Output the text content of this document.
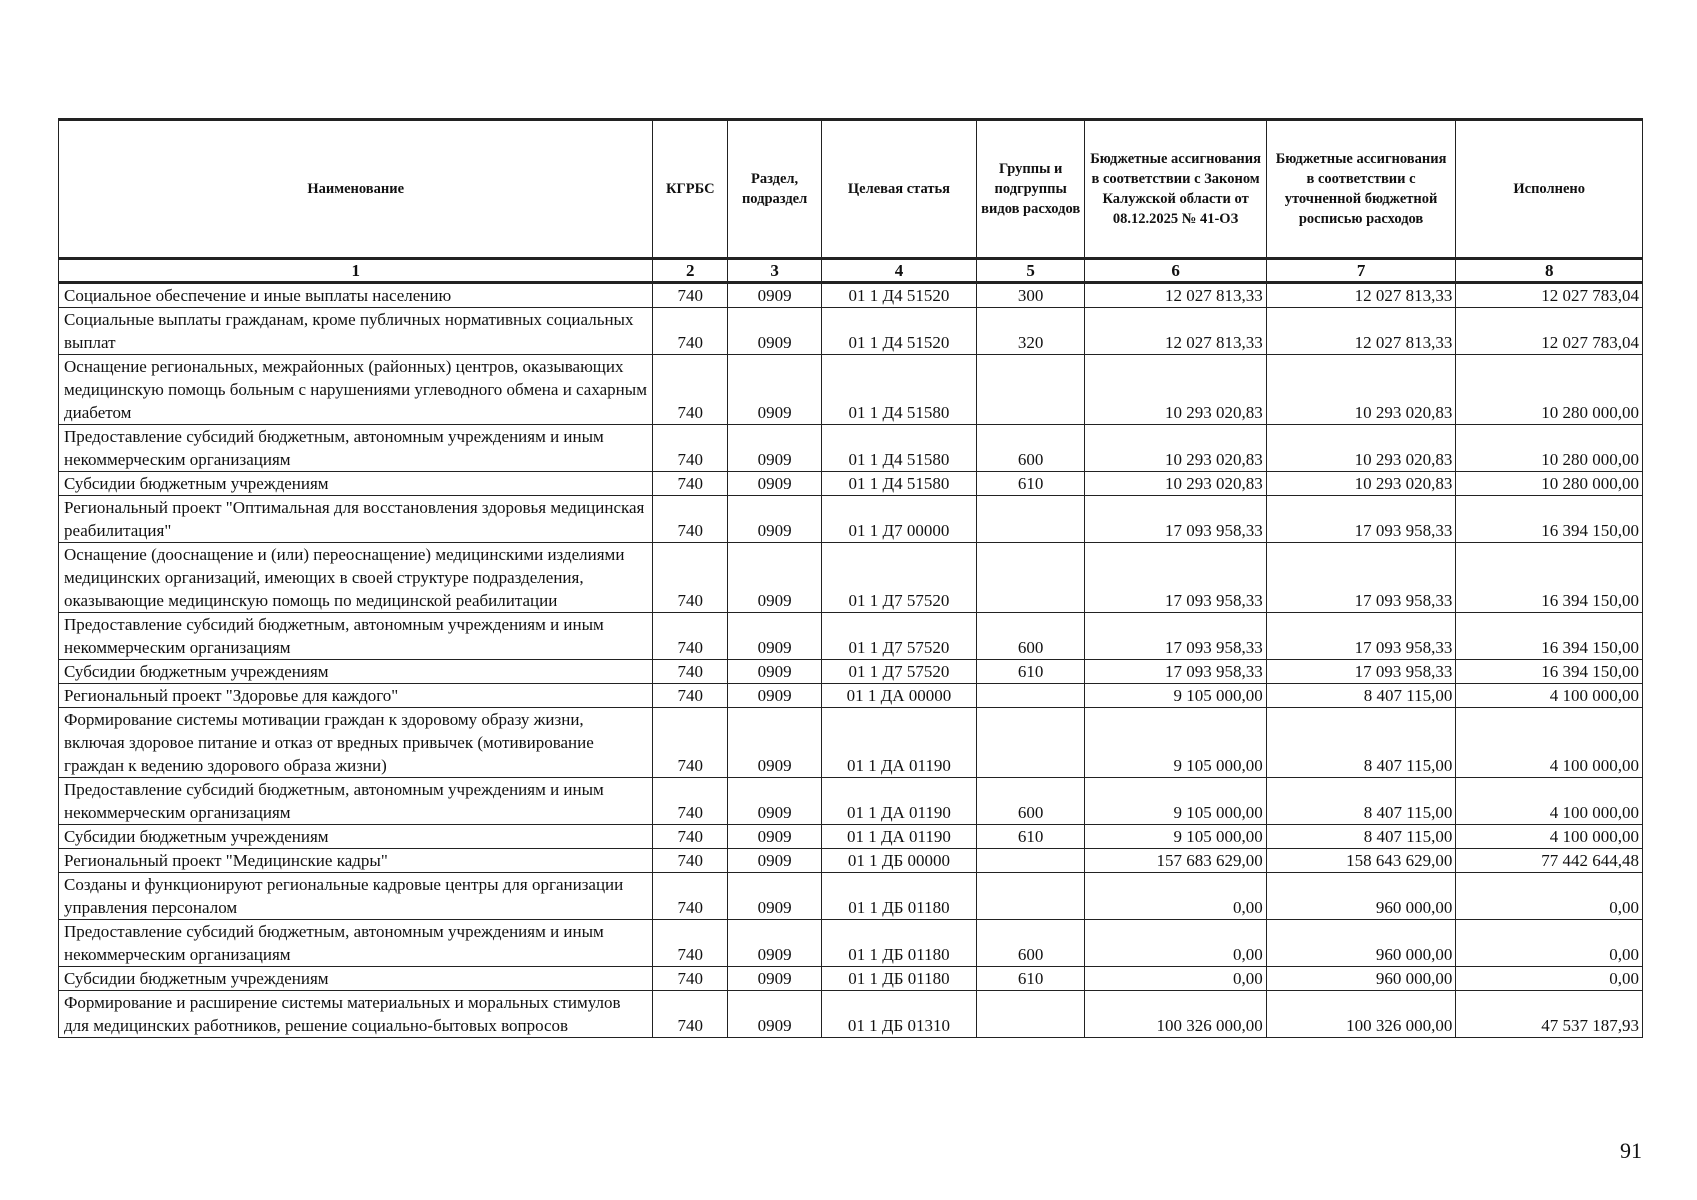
Наименование	КГРБС	Раздел, подраздел	Целевая статья	Группы и подгруппы видов расходов	Бюджетные ассигнования в соответствии с Законом Калужской области от 08.12.2025 № 41-ОЗ	Бюджетные ассигнования в соответствии с уточненной бюджетной росписью расходов	Исполнено
1	2	3	4	5	6	7	8
Социальное обеспечение и иные выплаты населению	740	0909	01 1 Д4 51520	300	12 027 813,33	12 027 813,33	12 027 783,04
Социальные выплаты гражданам, кроме публичных нормативных социальных выплат	740	0909	01 1 Д4 51520	320	12 027 813,33	12 027 813,33	12 027 783,04
Оснащение региональных, межрайонных (районных) центров, оказывающих медицинскую помощь больным с нарушениями углеводного обмена и сахарным диабетом	740	0909	01 1 Д4 51580		10 293 020,83	10 293 020,83	10 280 000,00
Предоставление субсидий бюджетным, автономным учреждениям и иным некоммерческим организациям	740	0909	01 1 Д4 51580	600	10 293 020,83	10 293 020,83	10 280 000,00
Субсидии бюджетным учреждениям	740	0909	01 1 Д4 51580	610	10 293 020,83	10 293 020,83	10 280 000,00
Региональный проект "Оптимальная для восстановления здоровья медицинская реабилитация"	740	0909	01 1 Д7 00000		17 093 958,33	17 093 958,33	16 394 150,00
Оснащение (дооснащение и (или) переоснащение) медицинскими изделиями медицинских организаций, имеющих в своей структуре подразделения, оказывающие медицинскую помощь по медицинской реабилитации	740	0909	01 1 Д7 57520		17 093 958,33	17 093 958,33	16 394 150,00
Предоставление субсидий бюджетным, автономным учреждениям и иным некоммерческим организациям	740	0909	01 1 Д7 57520	600	17 093 958,33	17 093 958,33	16 394 150,00
Субсидии бюджетным учреждениям	740	0909	01 1 Д7 57520	610	17 093 958,33	17 093 958,33	16 394 150,00
Региональный проект "Здоровье для каждого"	740	0909	01 1 ДА 00000		9 105 000,00	8 407 115,00	4 100 000,00
Формирование системы мотивации граждан к здоровому образу жизни, включая здоровое питание и отказ от вредных привычек (мотивирование граждан к ведению здорового образа жизни)	740	0909	01 1 ДА 01190		9 105 000,00	8 407 115,00	4 100 000,00
Предоставление субсидий бюджетным, автономным учреждениям и иным некоммерческим организациям	740	0909	01 1 ДА 01190	600	9 105 000,00	8 407 115,00	4 100 000,00
Субсидии бюджетным учреждениям	740	0909	01 1 ДА 01190	610	9 105 000,00	8 407 115,00	4 100 000,00
Региональный проект "Медицинские кадры"	740	0909	01 1 ДБ 00000		157 683 629,00	158 643 629,00	77 442 644,48
Созданы и функционируют региональные кадровые центры для организации управления персоналом	740	0909	01 1 ДБ 01180		0,00	960 000,00	0,00
Предоставление субсидий бюджетным, автономным учреждениям и иным некоммерческим организациям	740	0909	01 1 ДБ 01180	600	0,00	960 000,00	0,00
Субсидии бюджетным учреждениям	740	0909	01 1 ДБ 01180	610	0,00	960 000,00	0,00
Формирование и расширение системы материальных и моральных стимулов для медицинских работников, решение социально-бытовых вопросов	740	0909	01 1 ДБ 01310		100 326 000,00	100 326 000,00	47 537 187,93
91
